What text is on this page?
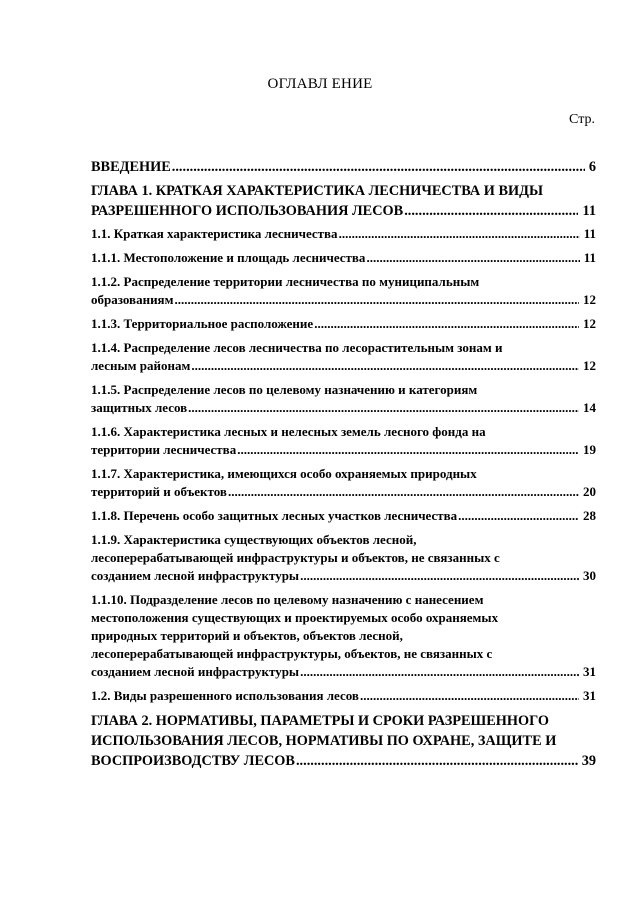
ОГЛАВЛ ЕНИЕ
Стр.
ВВЕДЕНИЕ .....	6
ГЛАВА 1. КРАТКАЯ ХАРАКТЕРИСТИКА ЛЕСНИЧЕСТВА И ВИДЫ
РАЗРЕШЕННОГО ИСПОЛЬЗОВАНИЯ ЛЕСОВ .....	11
1.1. Краткая характеристика лесничества .....	11
1.1.1. Местоположение и площадь лесничества .....	11
1.1.2. Распределение территории лесничества по муниципальным
образованиям .....	12
1.1.3. Территориальное расположение .....	12
1.1.4. Распределение лесов лесничества по лесорастительным зонам и
лесным районам .....	12
1.1.5. Распределение лесов по целевому назначению и категориям
защитных лесов .....	14
1.1.6. Характеристика лесных и нелесных земель лесного фонда на
территории лесничества .....	19
1.1.7. Характеристика, имеющихся особо охраняемых природных
территорий и объектов .....	20
1.1.8. Перечень особо защитных лесных участков лесничества .....	28
1.1.9. Характеристика существующих объектов лесной,
лесоперерабатывающей инфраструктуры и объектов, не связанных с
созданием лесной инфраструктуры .....	30
1.1.10. Подразделение лесов по целевому назначению с нанесением
местоположения существующих и проектируемых особо охраняемых
природных территорий и объектов, объектов лесной,
лесоперерабатывающей инфраструктуры, объектов, не связанных с
созданием лесной инфраструктуры .....	31
1.2. Виды разрешенного использования лесов .....	31
ГЛАВА 2. НОРМАТИВЫ, ПАРАМЕТРЫ И СРОКИ РАЗРЕШЕННОГО
ИСПОЛЬЗОВАНИЯ ЛЕСОВ, НОРМАТИВЫ ПО ОХРАНЕ, ЗАЩИТЕ И
ВОСПРОИЗВОДСТВУ ЛЕСОВ .....	39
